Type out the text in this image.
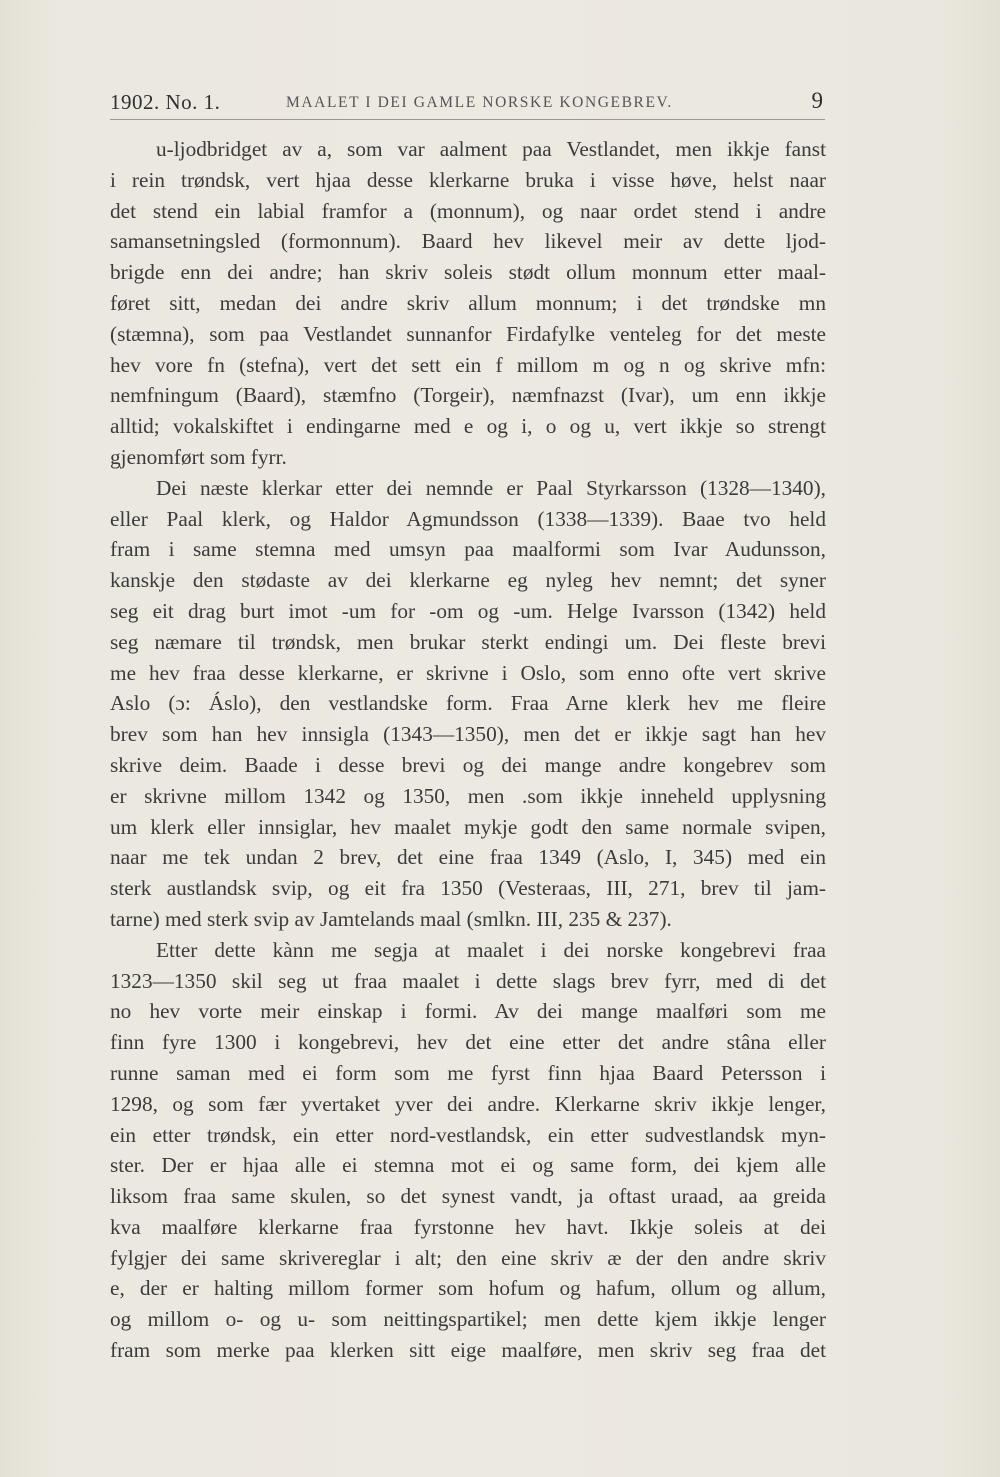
1902. No. 1.	MAALET I DEI GAMLE NORSKE KONGEBREV.	9
u-ljodbridget av a, som var aalment paa Vestlandet, men ikkje fanst
i rein trøndsk, vert hjaa desse klerkarne bruka i visse høve, helst naar
det stend ein labial framfor a (monnum), og naar ordet stend i andre
samansetningsled (formonnum). Baard hev likevel meir av dette ljod-
brigde enn dei andre; han skriv soleis stødt ollum monnum etter maal-
føret sitt, medan dei andre skriv allum monnum; i det trøndske mn
(stæmna), som paa Vestlandet sunnanfor Firdafylke venteleg for det meste
hev vore fn (stefna), vert det sett ein f millom m og n og skrive mfn:
nemfningum (Baard), stæmfno (Torgeir), næmfnazst (Ivar), um enn ikkje
alltid; vokalskiftet i endingarne med e og i, o og u, vert ikkje so strengt
gjenomført som fyrr.
Dei næste klerkar etter dei nemnde er Paal Styrkarsson (1328—1340),
eller Paal klerk, og Haldor Agmundsson (1338—1339). Baae tvo held
fram i same stemna med umsyn paa maalformi som Ivar Audunsson,
kanskje den stødaste av dei klerkarne eg nyleg hev nemnt; det syner
seg eit drag burt imot -um for -om og -um. Helge Ivarsson (1342) held
seg næmare til trøndsk, men brukar sterkt endingi um. Dei fleste brevi
me hev fraa desse klerkarne, er skrivne i Oslo, som enno ofte vert skrive
Aslo (ɔ: Áslo), den vestlandske form. Fraa Arne klerk hev me fleire
brev som han hev innsigla (1343—1350), men det er ikkje sagt han hev
skrive deim. Baade i desse brevi og dei mange andre kongebrev som
er skrivne millom 1342 og 1350, men .som ikkje inneheld upplysning
um klerk eller innsiglar, hev maalet mykje godt den same normale svipen,
naar me tek undan 2 brev, det eine fraa 1349 (Aslo, I, 345) med ein
sterk austlandsk svip, og eit fra 1350 (Vesteraas, III, 271, brev til jam-
tarne) med sterk svip av Jamtelands maal (smlkn. III, 235 & 237).
Etter dette kànn me segja at maalet i dei norske kongebrevi fraa
1323—1350 skil seg ut fraa maalet i dette slags brev fyrr, med di det
no hev vorte meir einskap i formi. Av dei mange maalføri som me
finn fyre 1300 i kongebrevi, hev det eine etter det andre stâna eller
runne saman med ei form som me fyrst finn hjaa Baard Petersson i
1298, og som fær yvertaket yver dei andre. Klerkarne skriv ikkje lenger,
ein etter trøndsk, ein etter nord-vestlandsk, ein etter sudvestlandsk myn-
ster. Der er hjaa alle ei stemna mot ei og same form, dei kjem alle
liksom fraa same skulen, so det synest vandt, ja oftast uraad, aa greida
kva maalføre klerkarne fraa fyrstonne hev havt. Ikkje soleis at dei
fylgjer dei same skrivereglar i alt; den eine skriv æ der den andre skriv
e, der er halting millom former som hofum og hafum, ollum og allum,
og millom o- og u- som neittingspartikel; men dette kjem ikkje lenger
fram som merke paa klerken sitt eige maalføre, men skriv seg fraa det
